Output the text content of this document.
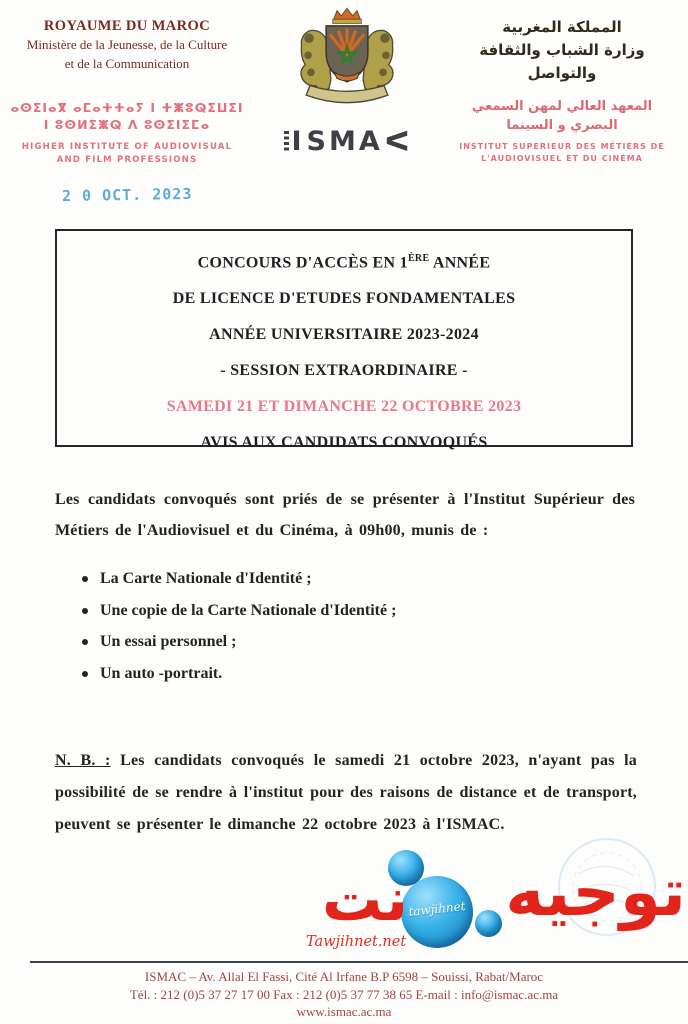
ROYAUME DU MAROC
Ministère de la Jeunesse, de la Culture
et de la Communication
ⴰⵙⵉⵏⴰⴳ ⴰⵎⴰⵜⵜⴰⵢ ⵏ ⵜⵥⵓⵕⵉⵡⵉⵏ
ⵏ ⵓⵙⵍⵉⵥⵕ ⴷ ⵓⵙⵉⵏⵉⵎⴰ
HIGHER INSTITUTE OF AUDIOVISUAL
AND FILM PROFESSIONS
I SMA ᐸ
المملكة المغربية
وزارة الشباب والثقافة
والتواصل
المعهد العالي لمهن السمعي
البصري و السينما
INSTITUT SUPERIEUR DES MÉTIERS DE
L'AUDIOVISUEL ET DU CINÉMA
2 0 OCT. 2023
CONCOURS D'ACCÈS EN 1ÈRE ANNÉE
DE LICENCE D'ETUDES FONDAMENTALES
ANNÉE UNIVERSITAIRE 2023-2024
- SESSION EXTRAORDINAIRE -
SAMEDI 21 ET DIMANCHE 22 OCTOBRE 2023
AVIS AUX CANDIDATS CONVOQUÉS

Les candidats convoqués sont priés de se présenter à l'Institut Supérieur des Métiers de l'Audiovisuel et du Cinéma, à 09h00, munis de :

La Carte Nationale d'Identité ;
Une copie de la Carte Nationale d'Identité ;
Un essai personnel ;
Un auto -portrait.

N. B. : Les candidats convoqués le samedi 21 octobre 2023, n'ayant pas la possibilité de se rendre à l'institut pour des raisons de distance et de transport, peuvent se présenter le dimanche 22 octobre 2023 à l'ISMAC.

توجيه
tawjihnet
نت
Tawjihnet.net
ISMAC – Av. Allal El Fassi, Cité Al Irfane B.P 6598 – Souissi, Rabat/Maroc
Tél. : 212 (0)5 37 27 17 00 Fax : 212 (0)5 37 77 38 65 E-mail : info@ismac.ac.ma
www.ismac.ac.ma
